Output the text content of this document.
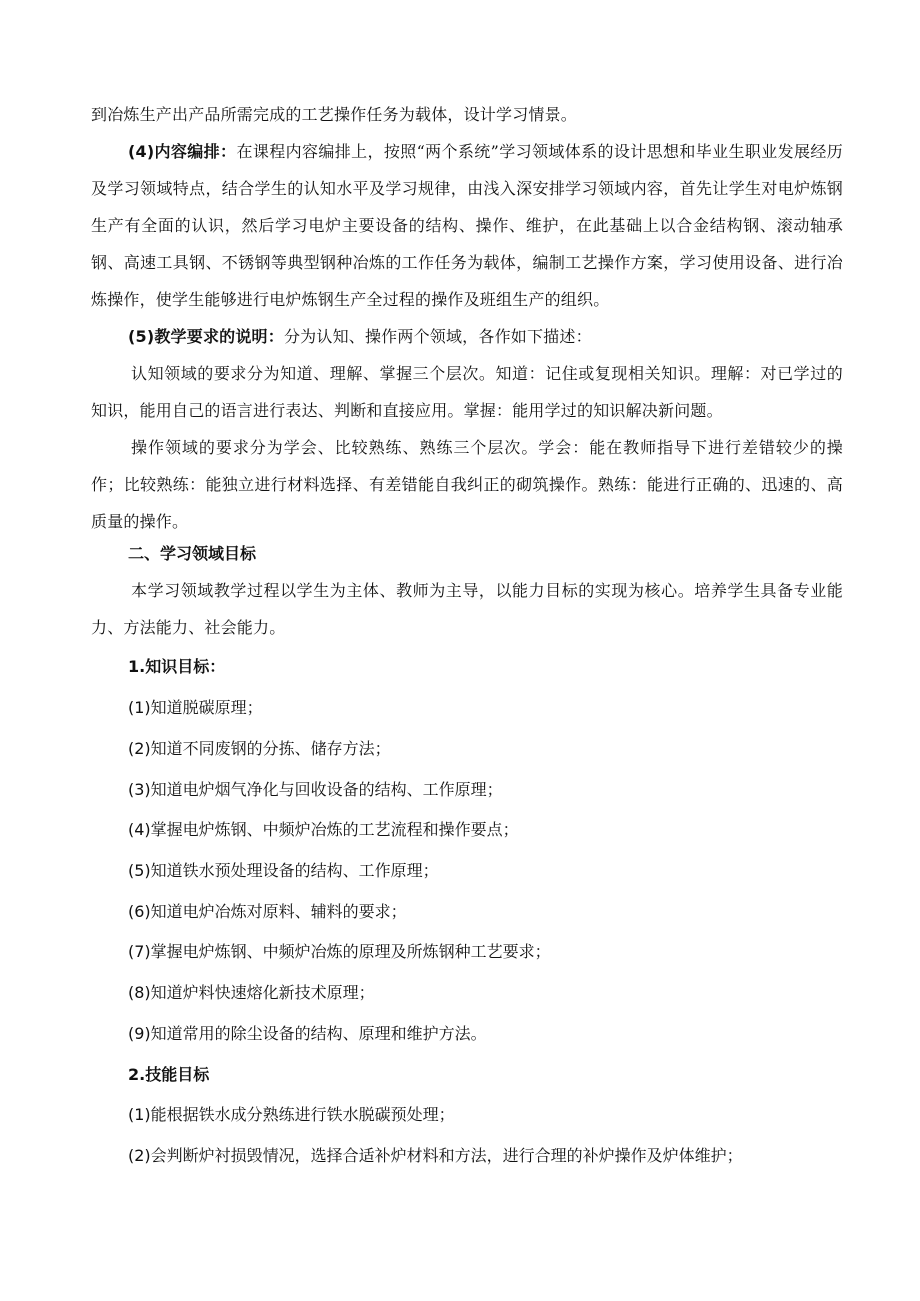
到冶炼生产出产品所需完成的工艺操作任务为载体，设计学习情景。

(4)内容编排：在课程内容编排上，按照“两个系统”学习领域体系的设计思想和毕业生职业发展经历及学习领域特点，结合学生的认知水平及学习规律，由浅入深安排学习领域内容，首先让学生对电炉炼钢生产有全面的认识，然后学习电炉主要设备的结构、操作、维护，在此基础上以合金结构钢、滚动轴承钢、高速工具钢、不锈钢等典型钢种冶炼的工作任务为载体，编制工艺操作方案，学习使用设备、进行冶炼操作，使学生能够进行电炉炼钢生产全过程的操作及班组生产的组织。

(5)教学要求的说明：分为认知、操作两个领域，各作如下描述：

认知领域的要求分为知道、理解、掌握三个层次。知道：记住或复现相关知识。理解：对已学过的知识，能用自己的语言进行表达、判断和直接应用。掌握：能用学过的知识解决新问题。

操作领域的要求分为学会、比较熟练、熟练三个层次。学会：能在教师指导下进行差错较少的操作；比较熟练：能独立进行材料选择、有差错能自我纠正的砌筑操作。熟练：能进行正确的、迅速的、高质量的操作。

二、学习领域目标

本学习领域教学过程以学生为主体、教师为主导，以能力目标的实现为核心。培养学生具备专业能力、方法能力、社会能力。

1.知识目标：

(1)知道脱碳原理；

(2)知道不同废钢的分拣、储存方法；

(3)知道电炉烟气净化与回收设备的结构、工作原理；

(4)掌握电炉炼钢、中频炉冶炼的工艺流程和操作要点；

(5)知道铁水预处理设备的结构、工作原理；

(6)知道电炉冶炼对原料、辅料的要求；

(7)掌握电炉炼钢、中频炉冶炼的原理及所炼钢种工艺要求；

(8)知道炉料快速熔化新技术原理；

(9)知道常用的除尘设备的结构、原理和维护方法。

2.技能目标

(1)能根据铁水成分熟练进行铁水脱碳预处理；

(2)会判断炉衬损毁情况，选择合适补炉材料和方法，进行合理的补炉操作及炉体维护；
